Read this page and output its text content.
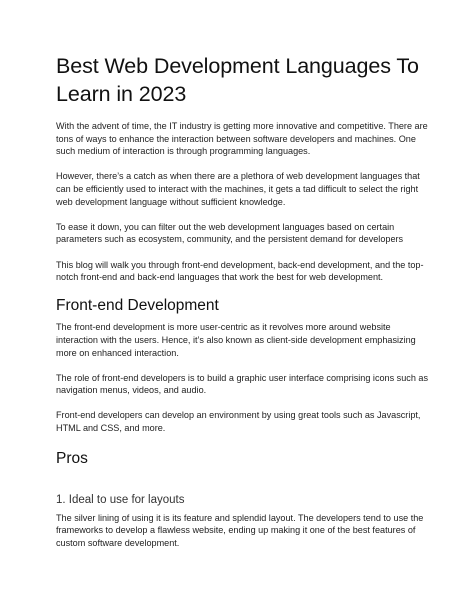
Best Web Development Languages To Learn in 2023

With the advent of time, the IT industry is getting more innovative and competitive. There are tons of ways to enhance the interaction between software developers and machines. One such medium of interaction is through programming languages.

However, there’s a catch as when there are a plethora of web development languages that can be efficiently used to interact with the machines, it gets a tad difficult to select the right web development language without sufficient knowledge.

To ease it down, you can filter out the web development languages based on certain parameters such as ecosystem, community, and the persistent demand for developers

This blog will walk you through front-end development, back-end development, and the top-notch front-end and back-end languages that work the best for web development.

Front-end Development

The front-end development is more user-centric as it revolves more around website interaction with the users. Hence, it’s also known as client-side development emphasizing more on enhanced interaction.

The role of front-end developers is to build a graphic user interface comprising icons such as navigation menus, videos, and audio.

Front-end developers can develop an environment by using great tools such as Javascript, HTML and CSS, and more.

Pros
1. Ideal to use for layouts

The silver lining of using it is its feature and splendid layout. The developers tend to use the frameworks to develop a flawless website, ending up making it one of the best features of custom software development.
